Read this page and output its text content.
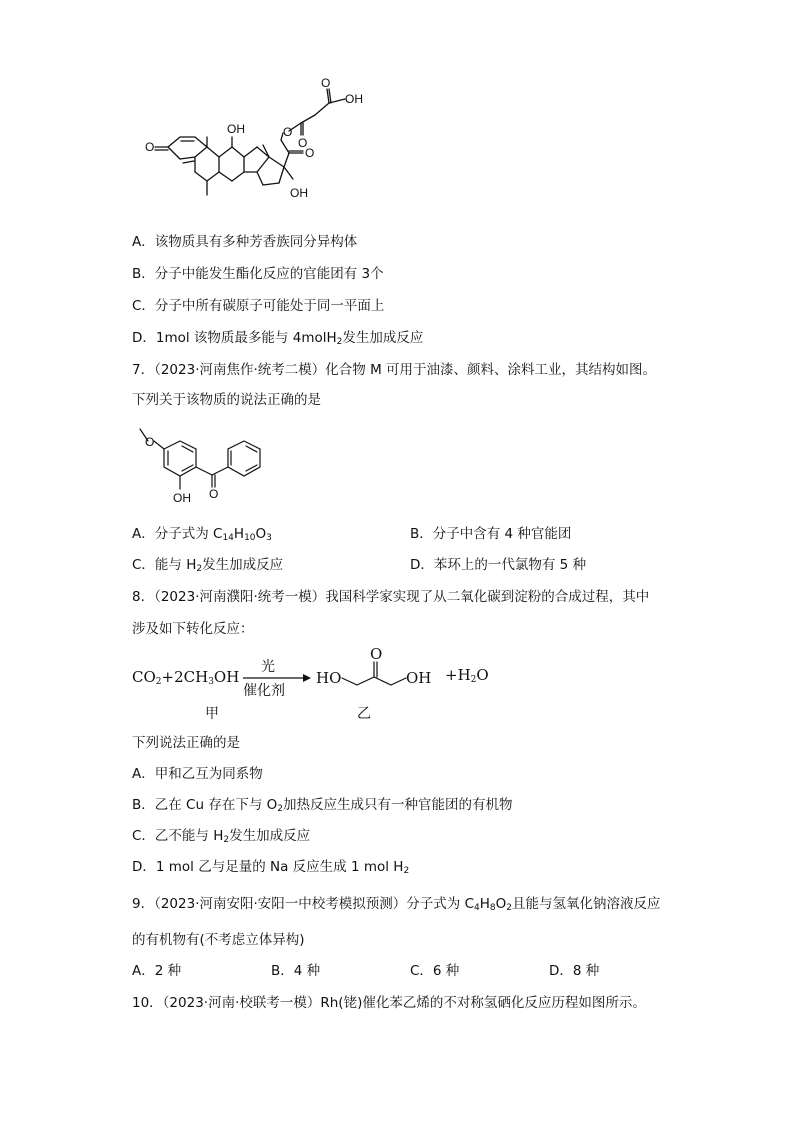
O
OH
OH
O
O
O
O
OH
A．该物质具有多种芳香族同分异构体
B．分子中能发生酯化反应的官能团有 3个
C．分子中所有碳原子可能处于同一平面上
D．1mol 该物质最多能与 4molH$_2$发生加成反应
7．（2023·河南焦作·统考二模）化合物 M 可用于油漆、颜料、涂料工业，其结构如图。
下列关于该物质的说法正确的是
O
OH O
A．分子式为 $C_{14}H_{10}O_3$	B．分子中含有 4 种官能团
C．能与 $H_2$发生加成反应	D．苯环上的一代氯物有 5 种
8．（2023·河南濮阳·统考一模）我国科学家实现了从二氧化碳到淀粉的合成过程，其中
涉及如下转化反应：
$CO_2+2CH_3OH$
光
催化剂
HO
O
OH $+H_2O$
甲	乙
下列说法正确的是
A．甲和乙互为同系物
B．乙在 Cu 存在下与 $O_2$加热反应生成只有一种官能团的有机物
C．乙不能与 $H_2$发生加成反应
D．1 mol 乙与足量的 Na 反应生成 1 mol $H_2$
9．（2023·河南安阳·安阳一中校考模拟预测）分子式为 $C_4H_8O_2$且能与氢氧化钠溶液反应
的有机物有(不考虑立体异构)
A．2 种	B．4 种	C．6 种	D．8 种
10．（2023·河南·校联考一模）Rh(铑)催化苯乙烯的不对称氢硒化反应历程如图所示。
